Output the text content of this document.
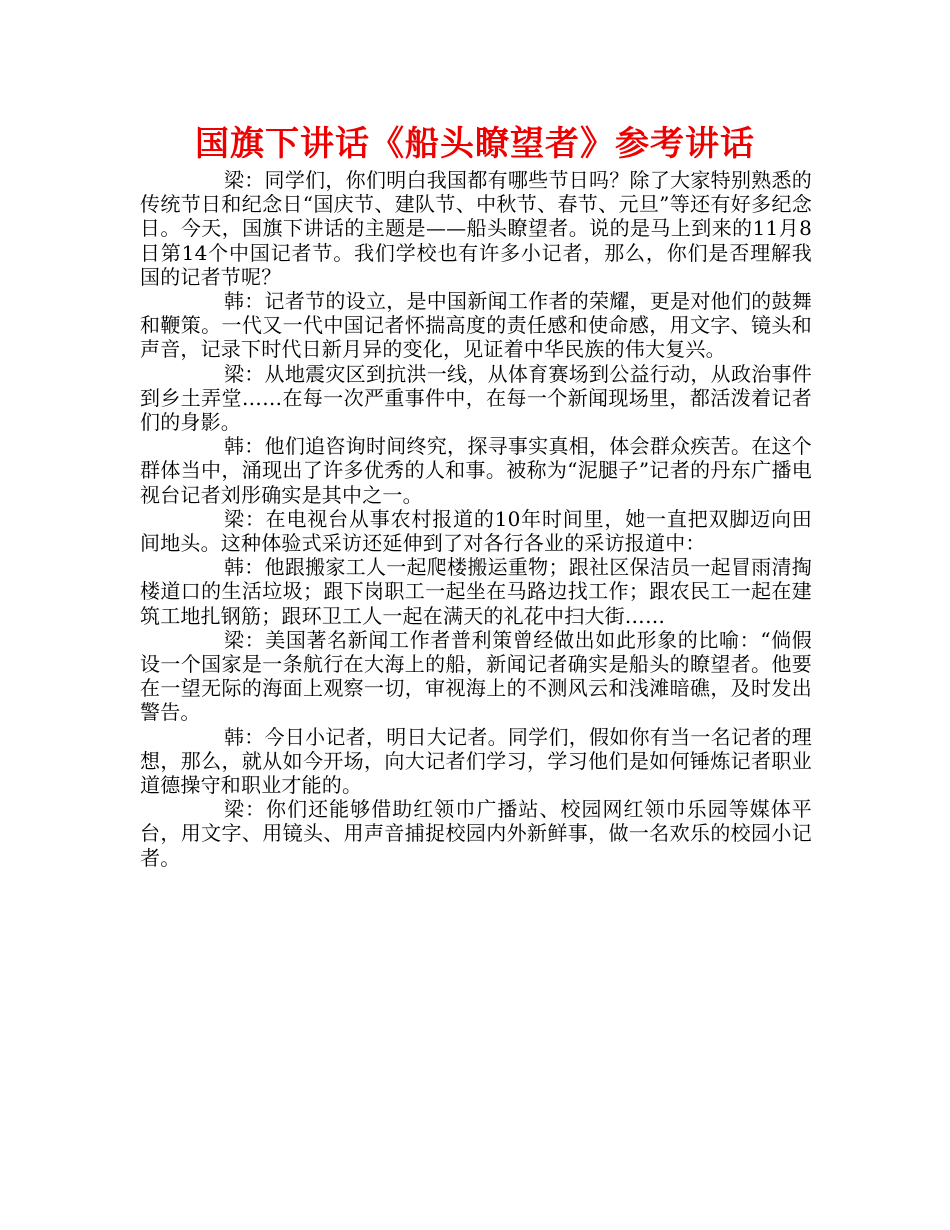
国旗下讲话《船头瞭望者》参考讲话

梁：同学们，你们明白我国都有哪些节日吗？除了大家特别熟悉的传统节日和纪念日“国庆节、建队节、中秋节、春节、元旦”等还有好多纪念日。今天，国旗下讲话的主题是——船头瞭望者。说的是马上到来的11月8日第14个中国记者节。我们学校也有许多小记者，那么，你们是否理解我国的记者节呢？

韩：记者节的设立，是中国新闻工作者的荣耀，更是对他们的鼓舞和鞭策。一代又一代中国记者怀揣高度的责任感和使命感，用文字、镜头和声音，记录下时代日新月异的变化，见证着中华民族的伟大复兴。

梁：从地震灾区到抗洪一线，从体育赛场到公益行动，从政治事件到乡土弄堂……在每一次严重事件中，在每一个新闻现场里，都活泼着记者们的身影。

韩：他们追咨询时间终究，探寻事实真相，体会群众疾苦。在这个群体当中，涌现出了许多优秀的人和事。被称为“泥腿子”记者的丹东广播电视台记者刘彤确实是其中之一。

梁：在电视台从事农村报道的10年时间里，她一直把双脚迈向田间地头。这种体验式采访还延伸到了对各行各业的采访报道中：

韩：他跟搬家工人一起爬楼搬运重物；跟社区保洁员一起冒雨清掏楼道口的生活垃圾；跟下岗职工一起坐在马路边找工作；跟农民工一起在建筑工地扎钢筋；跟环卫工人一起在满天的礼花中扫大街……

梁：美国著名新闻工作者普利策曾经做出如此形象的比喻：“倘假设一个国家是一条航行在大海上的船，新闻记者确实是船头的瞭望者。他要在一望无际的海面上观察一切，审视海上的不测风云和浅滩暗礁，及时发出警告。

韩：今日小记者，明日大记者。同学们，假如你有当一名记者的理想，那么，就从如今开场，向大记者们学习，学习他们是如何锤炼记者职业道德操守和职业才能的。

梁：你们还能够借助红领巾广播站、校园网红领巾乐园等媒体平台，用文字、用镜头、用声音捕捉校园内外新鲜事，做一名欢乐的校园小记者。
